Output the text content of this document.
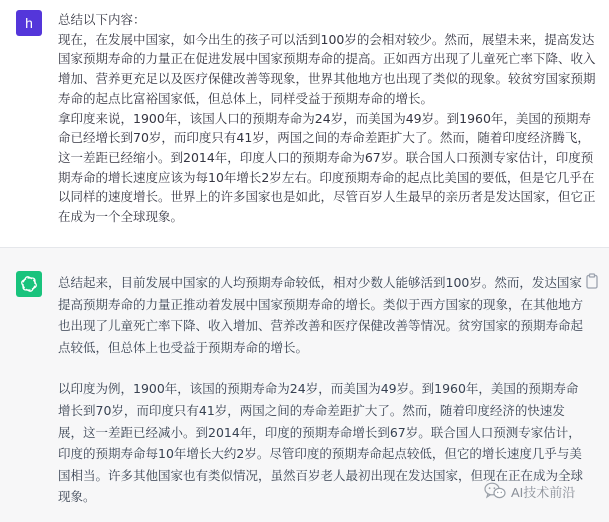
h	总结以下内容：

现在，在发展中国家，如今出生的孩子可以活到100岁的会相对较少。然而，展望未来，提高发达国家预期寿命的力量正在促进发展中国家预期寿命的提高。正如西方出现了儿童死亡率下降、收入增加、营养更充足以及医疗保健改善等现象，世界其他地方也出现了类似的现象。较贫穷国家预期寿命的起点比富裕国家低，但总体上，同样受益于预期寿命的增长。

拿印度来说，1900年，该国人口的预期寿命为24岁，而美国为49岁。到1960年，美国的预期寿命已经增长到70岁，而印度只有41岁，两国之间的寿命差距扩大了。然而，随着印度经济腾飞，这一差距已经缩小。到2014年，印度人口的预期寿命为67岁。联合国人口预测专家估计，印度预期寿命的增长速度应该为每10年增长2岁左右。印度预期寿命的起点比美国的要低，但是它几乎在以同样的速度增长。世界上的许多国家也是如此，尽管百岁人生最早的亲历者是发达国家，但它正在成为一个全球现象。

总结起来，目前发展中国家的人均预期寿命较低，相对少数人能够活到100岁。然而，发达国家提高预期寿命的力量正推动着发展中国家预期寿命的增长。类似于西方国家的现象，在其他地方也出现了儿童死亡率下降、收入增加、营养改善和医疗保健改善等情况。贫穷国家的预期寿命起点较低，但总体上也受益于预期寿命的增长。

以印度为例，1900年，该国的预期寿命为24岁，而美国为49岁。到1960年，美国的预期寿命增长到70岁，而印度只有41岁，两国之间的寿命差距扩大了。然而，随着印度经济的快速发展，这一差距已经减小。到2014年，印度的预期寿命增长到67岁。联合国人口预测专家估计，印度的预期寿命每10年增长大约2岁。尽管印度的预期寿命起点较低，但它的增长速度几乎与美国相当。许多其他国家也有类似情况，虽然百岁老人最初出现在发达国家，但现在正在成为全球现象。	AI技术前沿
